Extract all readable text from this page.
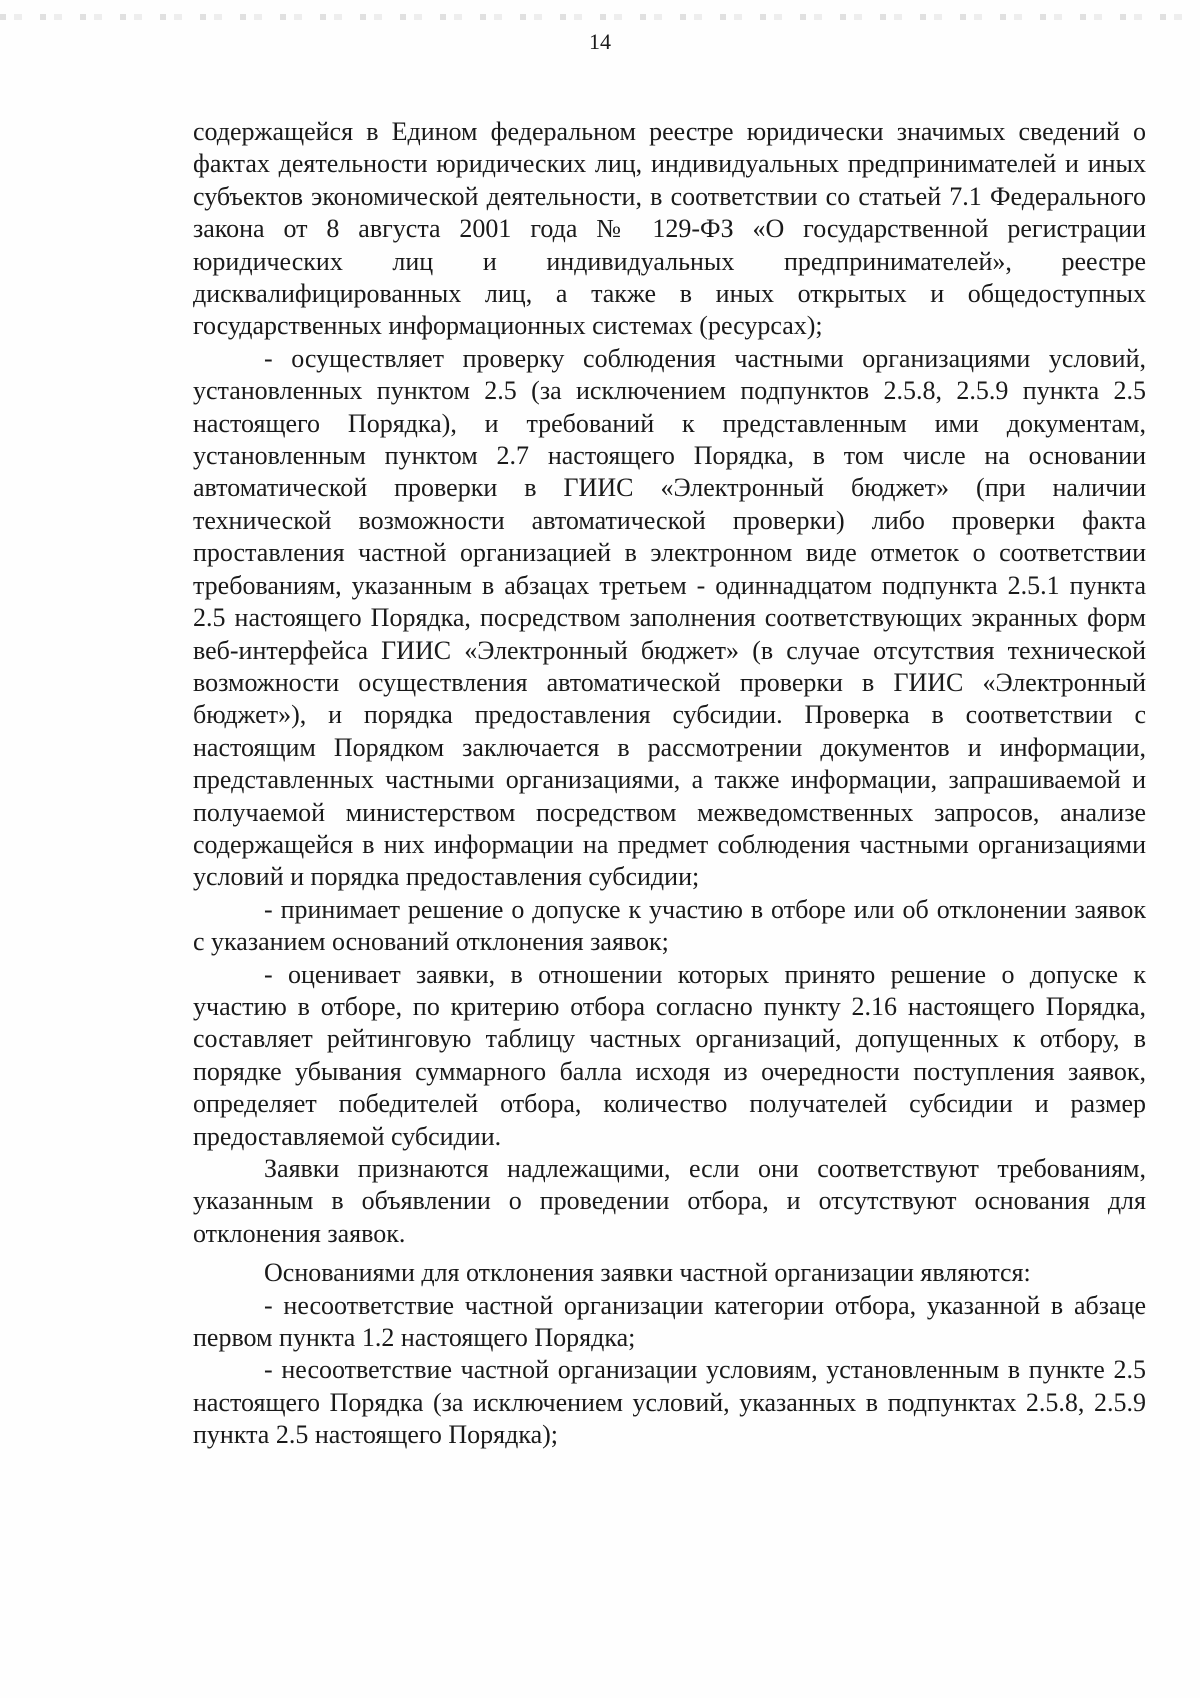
14

содержащейся в Едином федеральном реестре юридически значимых сведений о фактах деятельности юридических лиц, индивидуальных предпринимателей и иных субъектов экономической деятельности, в соответствии со статьей 7.1 Федерального закона от 8 августа 2001 года № 129-ФЗ «О государственной регистрации юридических лиц и индивидуальных предпринимателей», реестре дисквалифицированных лиц, а также в иных открытых и общедоступных государственных информационных системах (ресурсах);

- осуществляет проверку соблюдения частными организациями условий, установленных пунктом 2.5 (за исключением подпунктов 2.5.8, 2.5.9 пункта 2.5 настоящего Порядка), и требований к представленным ими документам, установленным пунктом 2.7 настоящего Порядка, в том числе на основании автоматической проверки в ГИИС «Электронный бюджет» (при наличии технической возможности автоматической проверки) либо проверки факта проставления частной организацией в электронном виде отметок о соответствии требованиям, указанным в абзацах третьем - одиннадцатом подпункта 2.5.1 пункта 2.5 настоящего Порядка, посредством заполнения соответствующих экранных форм веб-интерфейса ГИИС «Электронный бюджет» (в случае отсутствия технической возможности осуществления автоматической проверки в ГИИС «Электронный бюджет»), и порядка предоставления субсидии. Проверка в соответствии с настоящим Порядком заключается в рассмотрении документов и информации, представленных частными организациями, а также информации, запрашиваемой и получаемой министерством посредством межведомственных запросов, анализе содержащейся в них информации на предмет соблюдения частными организациями условий и порядка предоставления субсидии;

- принимает решение о допуске к участию в отборе или об отклонении заявок с указанием оснований отклонения заявок;

- оценивает заявки, в отношении которых принято решение о допуске к участию в отборе, по критерию отбора согласно пункту 2.16 настоящего Порядка, составляет рейтинговую таблицу частных организаций, допущенных к отбору, в порядке убывания суммарного балла исходя из очередности поступления заявок, определяет победителей отбора, количество получателей субсидии и размер предоставляемой субсидии.

Заявки признаются надлежащими, если они соответствуют требованиям, указанным в объявлении о проведении отбора, и отсутствуют основания для отклонения заявок.

Основаниями для отклонения заявки частной организации являются:

- несоответствие частной организации категории отбора, указанной в абзаце первом пункта 1.2 настоящего Порядка;

- несоответствие частной организации условиям, установленным в пункте 2.5 настоящего Порядка (за исключением условий, указанных в подпунктах 2.5.8, 2.5.9 пункта 2.5 настоящего Порядка);
